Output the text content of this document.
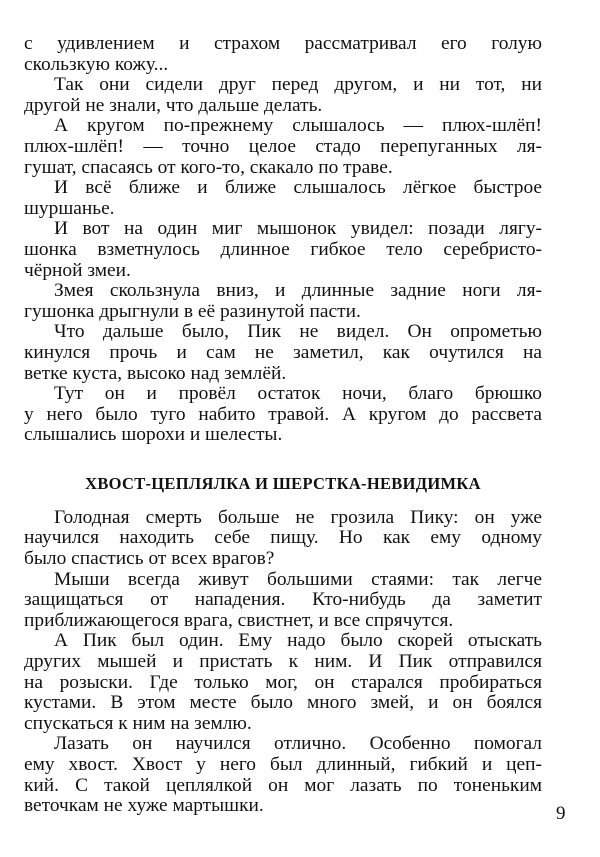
с удивлением и страхом рассматривал его голую
скользкую кожу...
Так они сидели друг перед другом, и ни тот, ни
другой не знали, что дальше делать.
А кругом по-прежнему слышалось — плюх-шлёп!
плюх-шлёп! — точно целое стадо перепуганных ля-
гушат, спасаясь от кого-то, скакало по траве.
И всё ближе и ближе слышалось лёгкое быстрое
шуршанье.
И вот на один миг мышонок увидел: позади лягу-
шонка взметнулось длинное гибкое тело серебристо-
чёрной змеи.
Змея скользнула вниз, и длинные задние ноги ля-
гушонка дрыгнули в её разинутой пасти.
Что дальше было, Пик не видел. Он опрометью
кинулся прочь и сам не заметил, как очутился на
ветке куста, высоко над землёй.
Тут он и провёл остаток ночи, благо брюшко
у него было туго набито травой. А кругом до рассвета
слышались шорохи и шелесты.
ХВОСТ-ЦЕПЛЯЛКА И ШЕРСТКА-НЕВИДИМКА
Голодная смерть больше не грозила Пику: он уже
научился находить себе пищу. Но как ему одному
было спастись от всех врагов?
Мыши всегда живут большими стаями: так легче
защищаться от нападения. Кто-нибудь да заметит
приближающегося врага, свистнет, и все спрячутся.
А Пик был один. Ему надо было скорей отыскать
других мышей и пристать к ним. И Пик отправился
на розыски. Где только мог, он старался пробираться
кустами. В этом месте было много змей, и он боялся
спускаться к ним на землю.
Лазать он научился отлично. Особенно помогал
ему хвост. Хвост у него был длинный, гибкий и цеп-
кий. С такой цеплялкой он мог лазать по тоненьким
веточкам не хуже мартышки.	9
